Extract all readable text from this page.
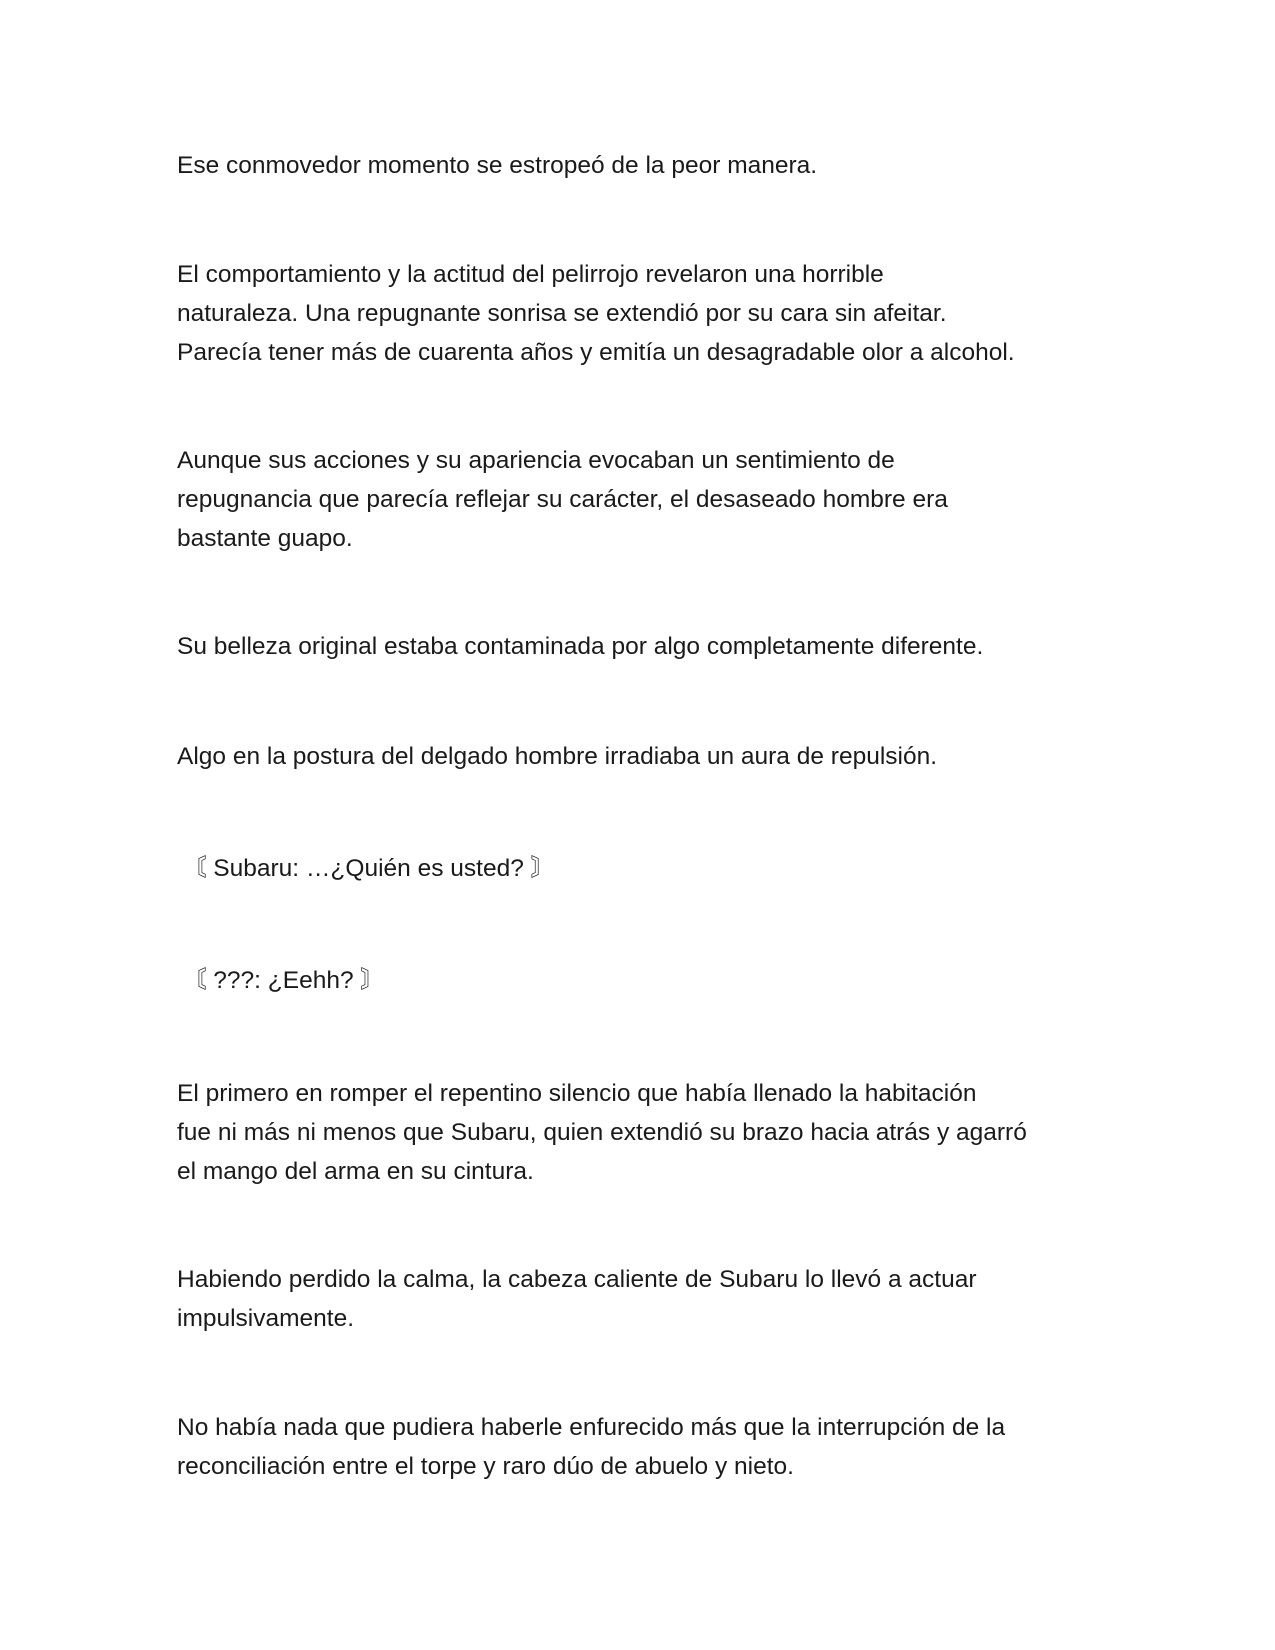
Ese conmovedor momento se estropeó de la peor manera.

El comportamiento y la actitud del pelirrojo revelaron una horrible
naturaleza. Una repugnante sonrisa se extendió por su cara sin afeitar.
Parecía tener más de cuarenta años y emitía un desagradable olor a alcohol.

Aunque sus acciones y su apariencia evocaban un sentimiento de
repugnancia que parecía reflejar su carácter, el desaseado hombre era
bastante guapo.

Su belleza original estaba contaminada por algo completamente diferente.

Algo en la postura del delgado hombre irradiaba un aura de repulsión.

〘 Subaru: …¿Quién es usted? 〙

〘 ???: ¿Eehh? 〙

El primero en romper el repentino silencio que había llenado la habitación
fue ni más ni menos que Subaru, quien extendió su brazo hacia atrás y agarró
el mango del arma en su cintura.

Habiendo perdido la calma, la cabeza caliente de Subaru lo llevó a actuar
impulsivamente.

No había nada que pudiera haberle enfurecido más que la interrupción de la
reconciliación entre el torpe y raro dúo de abuelo y nieto.
